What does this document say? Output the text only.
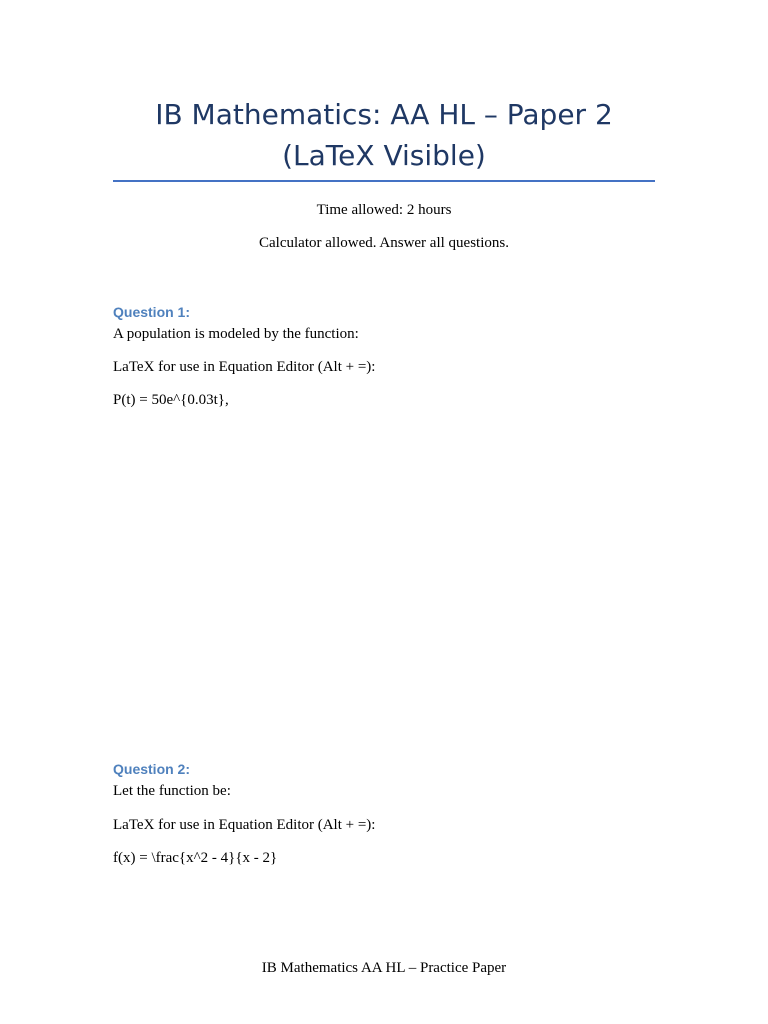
IB Mathematics: AA HL – Paper 2 (LaTeX Visible)

Time allowed: 2 hours

Calculator allowed. Answer all questions.

Question 1:

A population is modeled by the function:

LaTeX for use in Equation Editor (Alt + =):

P(t) = 50e^{0.03t},

Question 2:

Let the function be:

LaTeX for use in Equation Editor (Alt + =):

f(x) = \frac{x^2 - 4}{x - 2}

IB Mathematics AA HL – Practice Paper
